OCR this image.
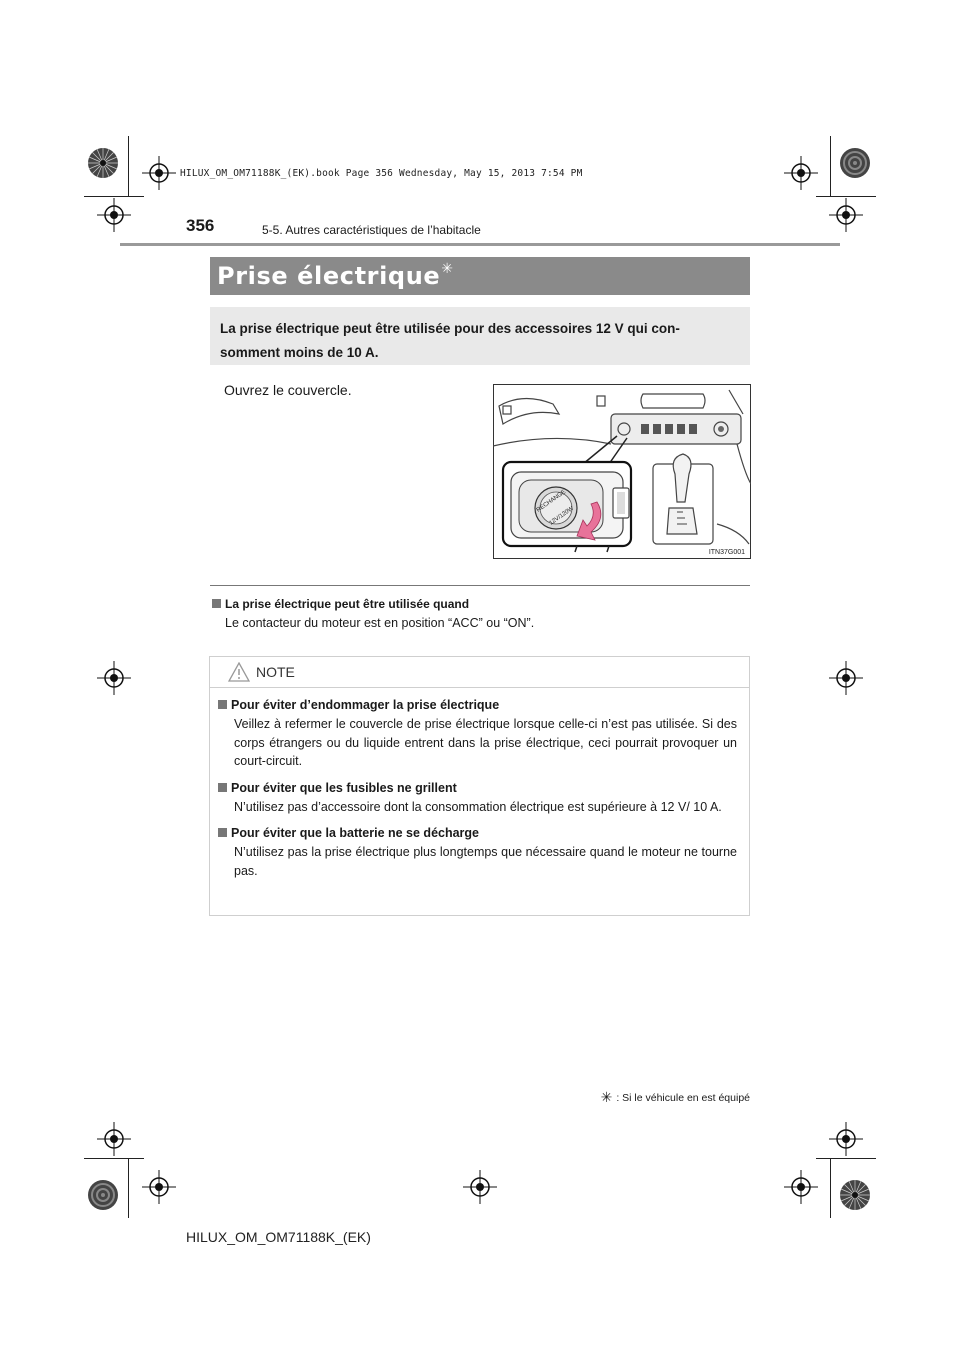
HILUX_OM_OM71188K_(EK).book Page 356 Wednesday, May 15, 2013 7:54 PM
356	5-5. Autres caractéristiques de l’habitacle
Prise électrique ✳
La prise électrique peut être utilisée pour des accessoires 12 V qui con-somment moins de 10 A.
Ouvrez le couvercle.
RECHANGE
12V/120W
ITN37G001
La prise électrique peut être utilisée quand
Le contacteur du moteur est en position “ACC” ou “ON”.
NOTE
Pour éviter d’endommager la prise électrique
Veillez à refermer le couvercle de prise électrique lorsque celle-ci n’est pas utilisée. Si des corps étrangers ou du liquide entrent dans la prise électrique, ceci pourrait provoquer un court-circuit.
Pour éviter que les fusibles ne grillent
N’utilisez pas d’accessoire dont la consommation électrique est supérieure à 12 V/ 10 A.
Pour éviter que la batterie ne se décharge
N’utilisez pas la prise électrique plus longtemps que nécessaire quand le moteur ne tourne pas.
✳ : Si le véhicule en est équipé
HILUX_OM_OM71188K_(EK)
